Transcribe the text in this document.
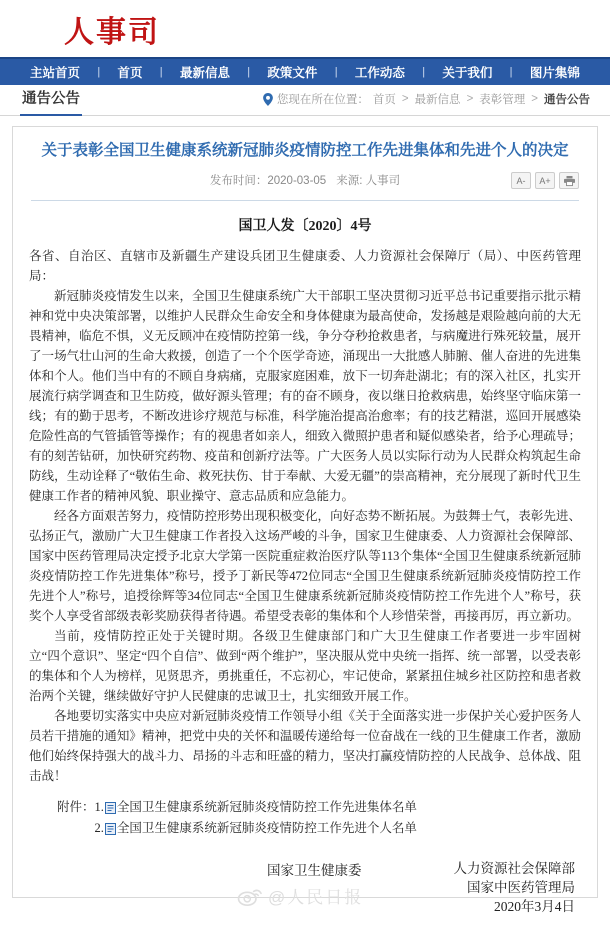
人事司
主站首页 | 首页 | 最新信息 | 政策文件 | 工作动态 | 关于我们 | 图片集锦
通告公告	您现在所在位置： 首页 > 最新信息 > 表彰管理 > 通告公告
关于表彰全国卫生健康系统新冠肺炎疫情防控工作先进集体和先进个人的决定
发布时间：2020-03-05 来源: 人事司	A-	A+
国卫人发〔2020〕4号

各省、自治区、直辖市及新疆生产建设兵团卫生健康委、人力资源社会保障厅（局）、中医药管理局：

新冠肺炎疫情发生以来，全国卫生健康系统广大干部职工坚决贯彻习近平总书记重要指示批示精神和党中央决策部署，以维护人民群众生命安全和身体健康为最高使命，发扬越是艰险越向前的大无畏精神，临危不惧，义无反顾冲在疫情防控第一线，争分夺秒抢救患者，与病魔进行殊死较量，展开了一场气壮山河的生命大救援，创造了一个个医学奇迹，涌现出一大批感人肺腑、催人奋进的先进集体和个人。他们当中有的不顾自身病痛，克服家庭困难，放下一切奔赴湖北；有的深入社区，扎实开展流行病学调查和卫生防疫，做好源头管理；有的奋不顾身，夜以继日抢救病患，始终坚守临床第一线；有的勤于思考，不断改进诊疗规范与标准，科学施治提高治愈率；有的技艺精湛，巡回开展感染危险性高的气管插管等操作；有的视患者如亲人，细致入微照护患者和疑似感染者，给予心理疏导；有的刻苦钻研，加快研究药物、疫苗和创新疗法等。广大医务人员以实际行动为人民群众构筑起生命防线，生动诠释了“敬佑生命、救死扶伤、甘于奉献、大爱无疆”的崇高精神，充分展现了新时代卫生健康工作者的精神风貌、职业操守、意志品质和应急能力。

经各方面艰苦努力，疫情防控形势出现积极变化，向好态势不断拓展。为鼓舞士气，表彰先进、弘扬正气，激励广大卫生健康工作者投入这场严峻的斗争，国家卫生健康委、人力资源社会保障部、国家中医药管理局决定授予北京大学第一医院重症救治医疗队等113个集体“全国卫生健康系统新冠肺炎疫情防控工作先进集体”称号，授予丁新民等472位同志“全国卫生健康系统新冠肺炎疫情防控工作先进个人”称号，追授徐辉等34位同志“全国卫生健康系统新冠肺炎疫情防控工作先进个人”称号，获奖个人享受省部级表彰奖励获得者待遇。希望受表彰的集体和个人珍惜荣誉，再接再厉，再立新功。

当前，疫情防控正处于关键时期。各级卫生健康部门和广大卫生健康工作者要进一步牢固树立“四个意识”、坚定“四个自信”、做到“两个维护”，坚决服从党中央统一指挥、统一部署，以受表彰的集体和个人为榜样，见贤思齐，勇挑重任，不忘初心，牢记使命，紧紧扭住城乡社区防控和患者救治两个关键，继续做好守护人民健康的忠诚卫士，扎实细致开展工作。

各地要切实落实中央应对新冠肺炎疫情工作领导小组《关于全面落实进一步保护关心爱护医务人员若干措施的通知》精神，把党中央的关怀和温暖传递给每一位奋战在一线的卫生健康工作者，激励他们始终保持强大的战斗力、昂扬的斗志和旺盛的精力，坚决打赢疫情防控的人民战争、总体战、阻击战！

附件： 1. 全国卫生健康系统新冠肺炎疫情防控工作先进集体名单
2. 全国卫生健康系统新冠肺炎疫情防控工作先进个人名单
国家卫生健康委	人力资源社会保障部
国家中医药管理局
2020年3月4日
@人民日报
